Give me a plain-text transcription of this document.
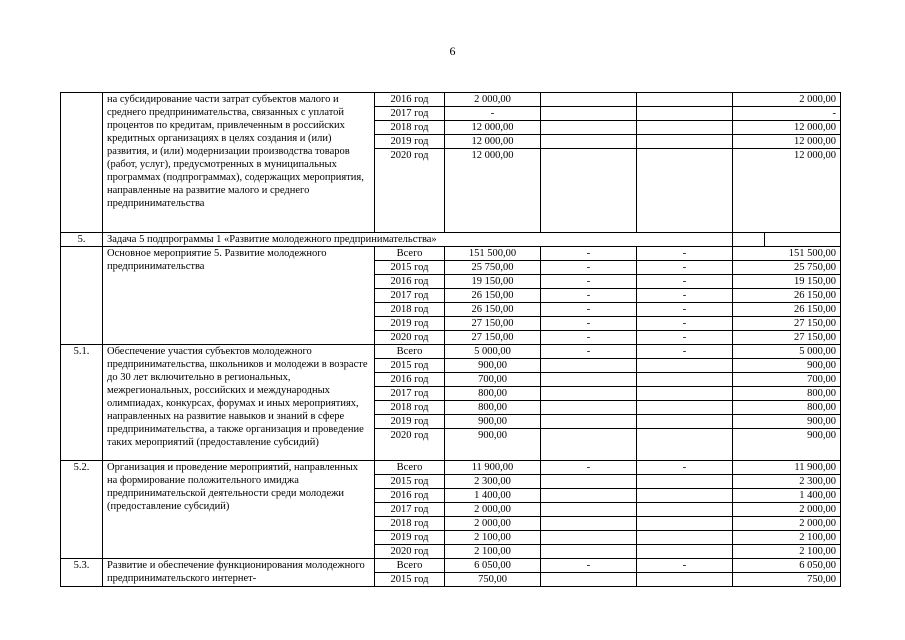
6
	на субсидирование части затрат субъектов малого и среднего предпринимательства, связанных с уплатой процентов по кредитам, привлеченным в российских кредитных организациях в целях создания и (или) развития, и (или) модернизации производства товаров (работ, услуг), предусмотренных в муниципальных программах (подпрограммах), содержащих мероприятия, направленные на развитие малого и среднего предпринимательства	2016 год	2 000,00			2 000,00	
		2017 год	-			-	
		2018 год	12 000,00			12 000,00	
		2019 год	12 000,00			12 000,00	
		2020 год	12 000,00			12 000,00	
5.	Задача 5 подпрограммы 1 «Развитие молодежного предпринимательства»						
	Основное мероприятие 5. Развитие молодежного предпринимательства	Всего	151 500,00	-	-	151 500,00	
		2015 год	25 750,00	-	-	25 750,00	
		2016 год	19 150,00	-	-	19 150,00	
		2017 год	26 150,00	-	-	26 150,00	
		2018 год	26 150,00	-	-	26 150,00	
		2019 год	27 150,00	-	-	27 150,00	
		2020 год	27 150,00	-	-	27 150,00	
5.1.	Обеспечение участия субъектов молодежного предпринимательства, школьников и молодежи в возрасте до 30 лет включительно в региональных, межрегиональных, российских и международных олимпиадах, конкурсах, форумах и иных мероприятиях, направленных на развитие навыков и знаний в сфере предпринимательства, а также организация и проведение таких мероприятий (предоставление субсидий)	Всего	5 000,00	-	-	5 000,00	
		2015 год	900,00			900,00	
		2016 год	700,00			700,00	
		2017 год	800,00			800,00	
		2018 год	800,00			800,00	
		2019 год	900,00			900,00	
		2020 год	900,00			900,00	
5.2.	Организация и проведение мероприятий, направленных на формирование положительного имиджа предпринимательской деятельности среди молодежи (предоставление субсидий)	Всего	11 900,00	-	-	11 900,00	
		2015 год	2 300,00			2 300,00	
		2016 год	1 400,00			1 400,00	
		2017 год	2 000,00			2 000,00	
		2018 год	2 000,00			2 000,00	
		2019 год	2 100,00			2 100,00	
		2020 год	2 100,00			2 100,00	
5.3.	Развитие и обеспечение функционирования молодежного предпринимательского интернет-	Всего	6 050,00	-	-	6 050,00	
		2015 год	750,00			750,00	
